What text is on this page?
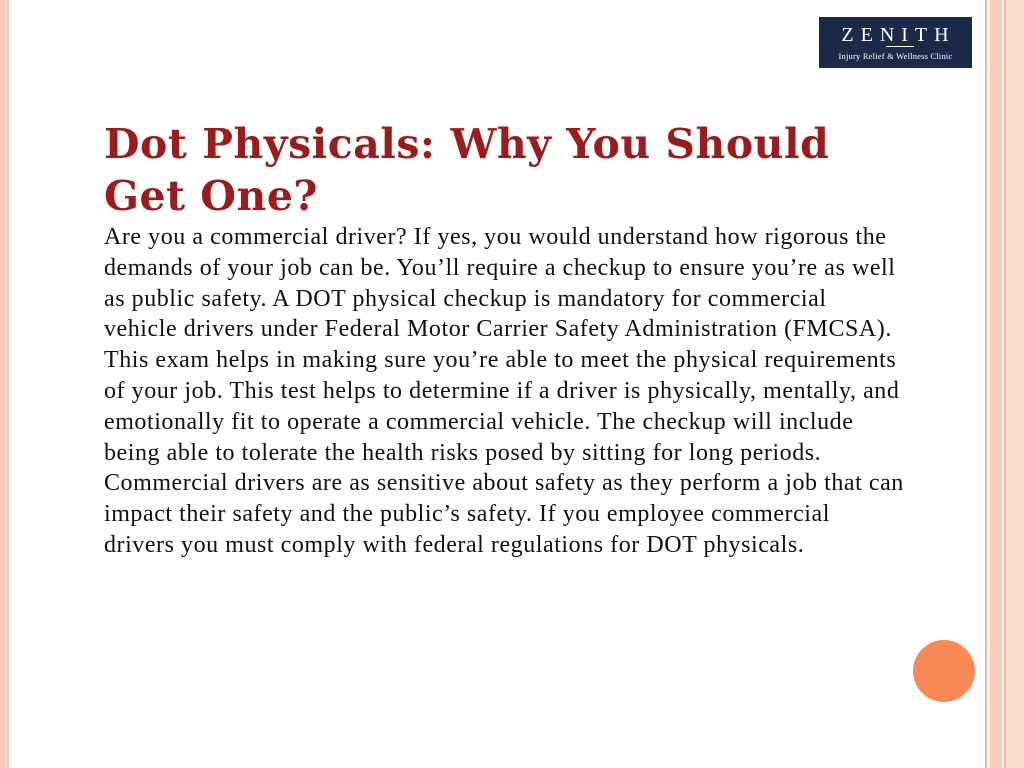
ZENITH
Injury Relief & Wellness Clinic
Dot Physicals: Why You Should
Get One?

Are you a commercial driver? If yes, you would understand how rigorous the demands of your job can be. You’ll require a checkup to ensure you’re as well as public safety. A DOT physical checkup is mandatory for commercial vehicle drivers under Federal Motor Carrier Safety Administration (FMCSA).

This exam helps in making sure you’re able to meet the physical requirements of your job. This test helps to determine if a driver is physically, mentally, and emotionally fit to operate a commercial vehicle. The checkup will include being able to tolerate the health risks posed by sitting for long periods.

Commercial drivers are as sensitive about safety as they perform a job that can impact their safety and the public’s safety. If you employee commercial drivers you must comply with federal regulations for DOT physicals.
